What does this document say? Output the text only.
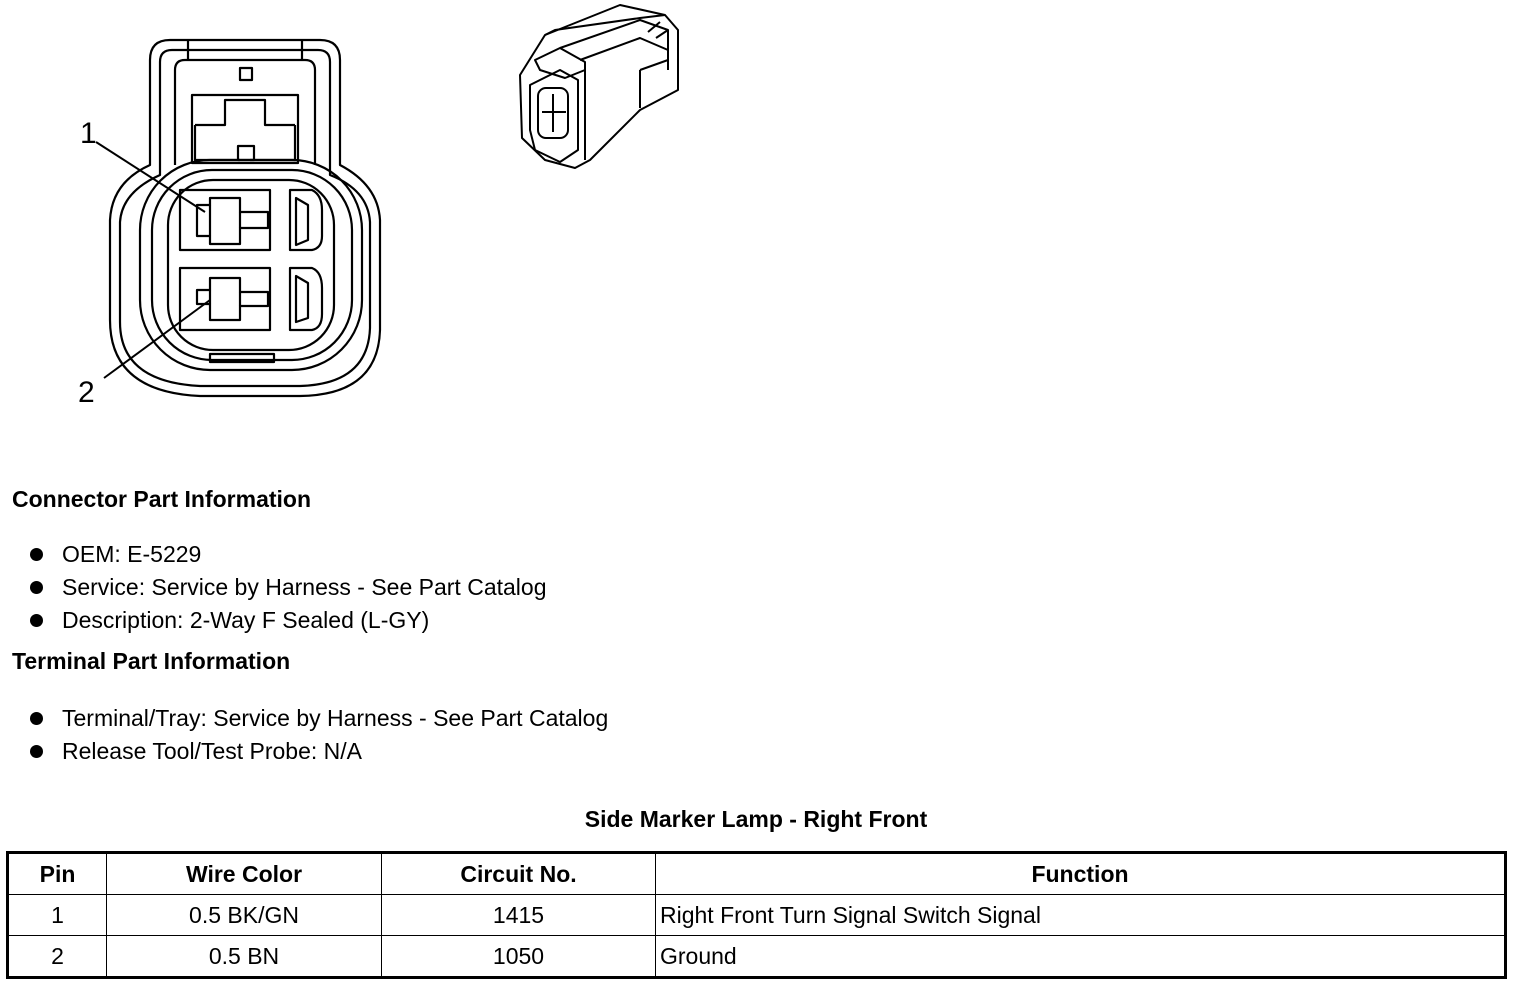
1
2
Connector Part Information
OEM: E-5229
Service: Service by Harness - See Part Catalog
Description: 2-Way F Sealed (L-GY)
Terminal Part Information
Terminal/Tray: Service by Harness - See Part Catalog
Release Tool/Test Probe: N/A
Side Marker Lamp - Right Front
Pin	Wire Color	Circuit No.	Function
1	0.5 BK/GN	1415	Right Front Turn Signal Switch Signal
2	0.5 BN	1050	Ground
